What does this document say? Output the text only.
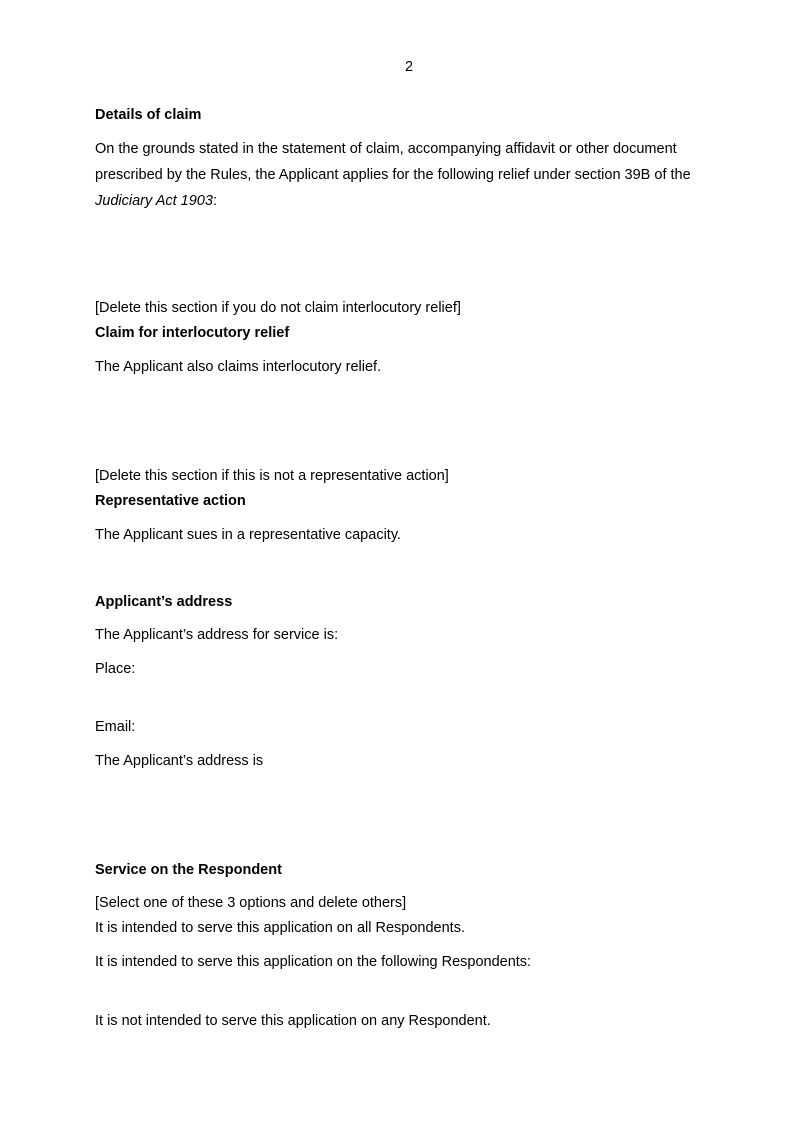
2
Details of claim
On the grounds stated in the statement of claim, accompanying affidavit or other document
prescribed by the Rules, the Applicant applies for the following relief under section 39B of the
Judiciary Act 1903:
[Delete this section if you do not claim interlocutory relief]
Claim for interlocutory relief
The Applicant also claims interlocutory relief.
[Delete this section if this is not a representative action]
Representative action
The Applicant sues in a representative capacity.
Applicant’s address
The Applicant’s address for service is:
Place:
Email:
The Applicant’s address is
Service on the Respondent
[Select one of these 3 options and delete others]
It is intended to serve this application on all Respondents.
It is intended to serve this application on the following Respondents:
It is not intended to serve this application on any Respondent.
